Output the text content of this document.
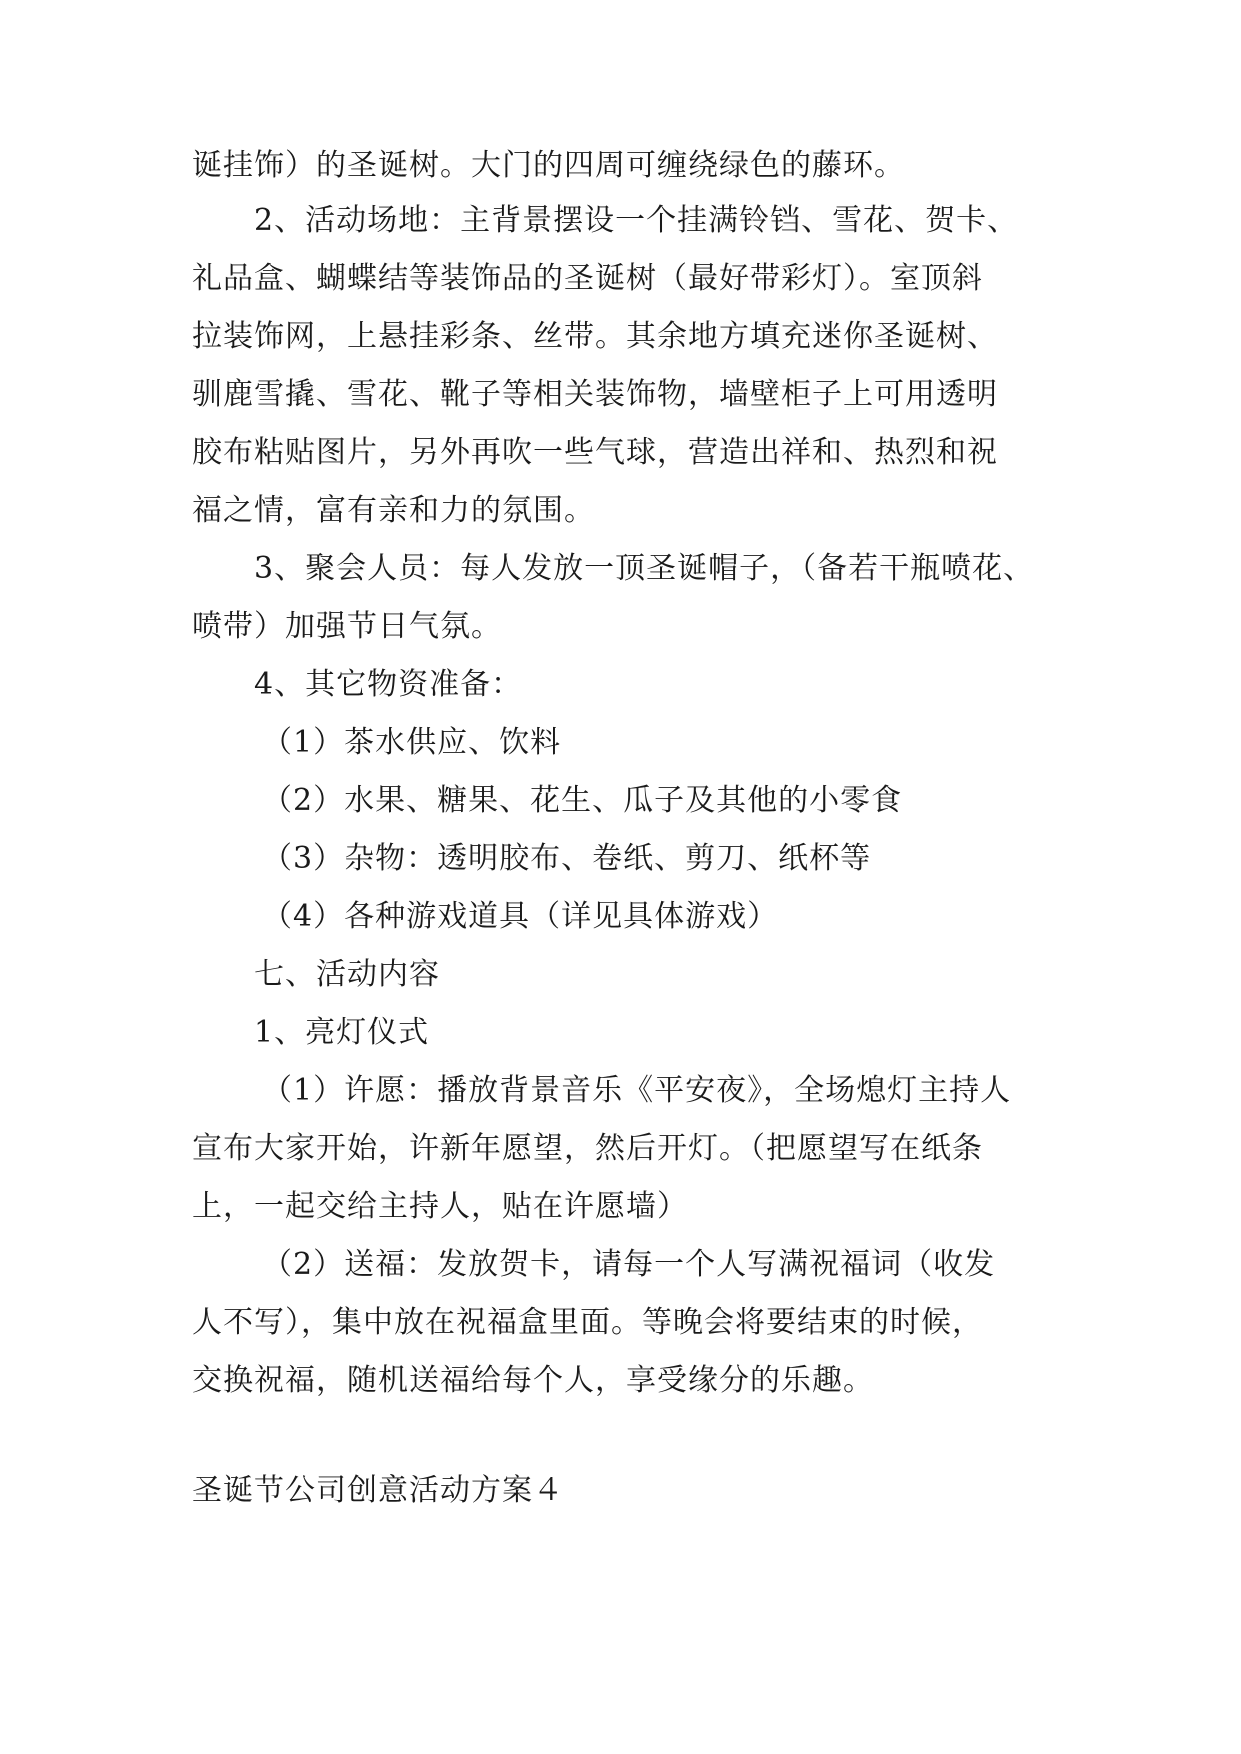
诞挂饰）的圣诞树。大门的四周可缠绕绿色的藤环。

2、活动场地：主背景摆设一个挂满铃铛、雪花、贺卡、
礼品盒、蝴蝶结等装饰品的圣诞树（最好带彩灯）。室顶斜
拉装饰网，上悬挂彩条、丝带。其余地方填充迷你圣诞树、
驯鹿雪撬、雪花、靴子等相关装饰物，墙壁柜子上可用透明
胶布粘贴图片，另外再吹一些气球，营造出祥和、热烈和祝
福之情，富有亲和力的氛围。

3、聚会人员：每人发放一顶圣诞帽子，（备若干瓶喷花、
喷带）加强节日气氛。

4、其它物资准备：

（1）茶水供应、饮料

（2）水果、糖果、花生、瓜子及其他的小零食

（3）杂物：透明胶布、卷纸、剪刀、纸杯等

（4）各种游戏道具（详见具体游戏）

七、活动内容

1、亮灯仪式

（1）许愿：播放背景音乐《平安夜》，全场熄灯主持人
宣布大家开始，许新年愿望，然后开灯。（把愿望写在纸条
上，一起交给主持人，贴在许愿墙）

（2）送福：发放贺卡，请每一个人写满祝福词（收发
人不写），集中放在祝福盒里面。等晚会将要结束的时候，
交换祝福，随机送福给每个人，享受缘分的乐趣。

圣诞节公司创意活动方案４
